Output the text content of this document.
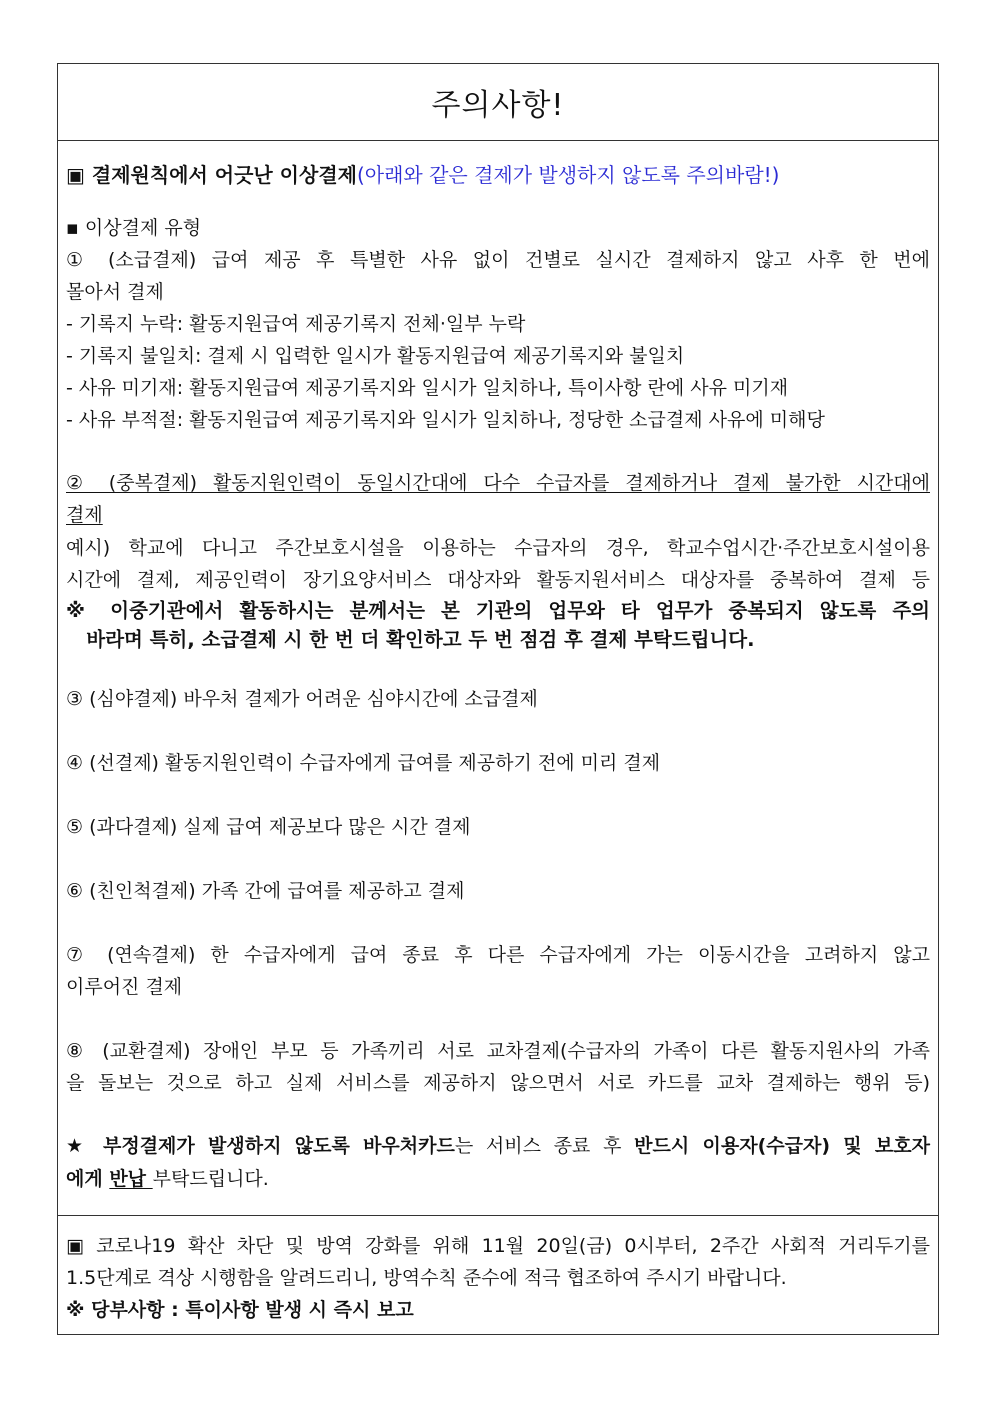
주의사항!
▣ 결제원칙에서 어긋난 이상결제(아래와 같은 결제가 발생하지 않도록 주의바람!)
▪ 이상결제 유형
① (소급결제) 급여 제공 후 특별한 사유 없이 건별로 실시간 결제하지 않고 사후 한 번에
몰아서 결제
- 기록지 누락: 활동지원급여 제공기록지 전체·일부 누락
- 기록지 불일치: 결제 시 입력한 일시가 활동지원급여 제공기록지와 불일치
- 사유 미기재: 활동지원급여 제공기록지와 일시가 일치하나, 특이사항 란에 사유 미기재
- 사유 부적절: 활동지원급여 제공기록지와 일시가 일치하나, 정당한 소급결제 사유에 미해당
② (중복결제) 활동지원인력이 동일시간대에 다수 수급자를 결제하거나 결제 불가한 시간대에
결제
예시) 학교에 다니고 주간보호시설을 이용하는 수급자의 경우, 학교수업시간·주간보호시설이용
시간에 결제, 제공인력이 장기요양서비스 대상자와 활동지원서비스 대상자를 중복하여 결제 등
※ 이중기관에서 활동하시는 분께서는 본 기관의 업무와 타 업무가 중복되지 않도록 주의
바라며 특히, 소급결제 시 한 번 더 확인하고 두 번 점검 후 결제 부탁드립니다.
③ (심야결제) 바우처 결제가 어려운 심야시간에 소급결제
④ (선결제) 활동지원인력이 수급자에게 급여를 제공하기 전에 미리 결제
⑤ (과다결제) 실제 급여 제공보다 많은 시간 결제
⑥ (친인척결제) 가족 간에 급여를 제공하고 결제
⑦ (연속결제) 한 수급자에게 급여 종료 후 다른 수급자에게 가는 이동시간을 고려하지 않고
이루어진 결제
⑧ (교환결제) 장애인 부모 등 가족끼리 서로 교차결제(수급자의 가족이 다른 활동지원사의 가족
을 돌보는 것으로 하고 실제 서비스를 제공하지 않으면서 서로 카드를 교차 결제하는 행위 등)
★ 부정결제가 발생하지 않도록 바우처카드는 서비스 종료 후 반드시 이용자(수급자) 및 보호자
에게 반납 부탁드립니다.
▣ 코로나19 확산 차단 및 방역 강화를 위해 11월 20일(금) 0시부터, 2주간 사회적 거리두기를
1.5단계로 격상 시행함을 알려드리니, 방역수칙 준수에 적극 협조하여 주시기 바랍니다.
※ 당부사항 : 특이사항 발생 시 즉시 보고
